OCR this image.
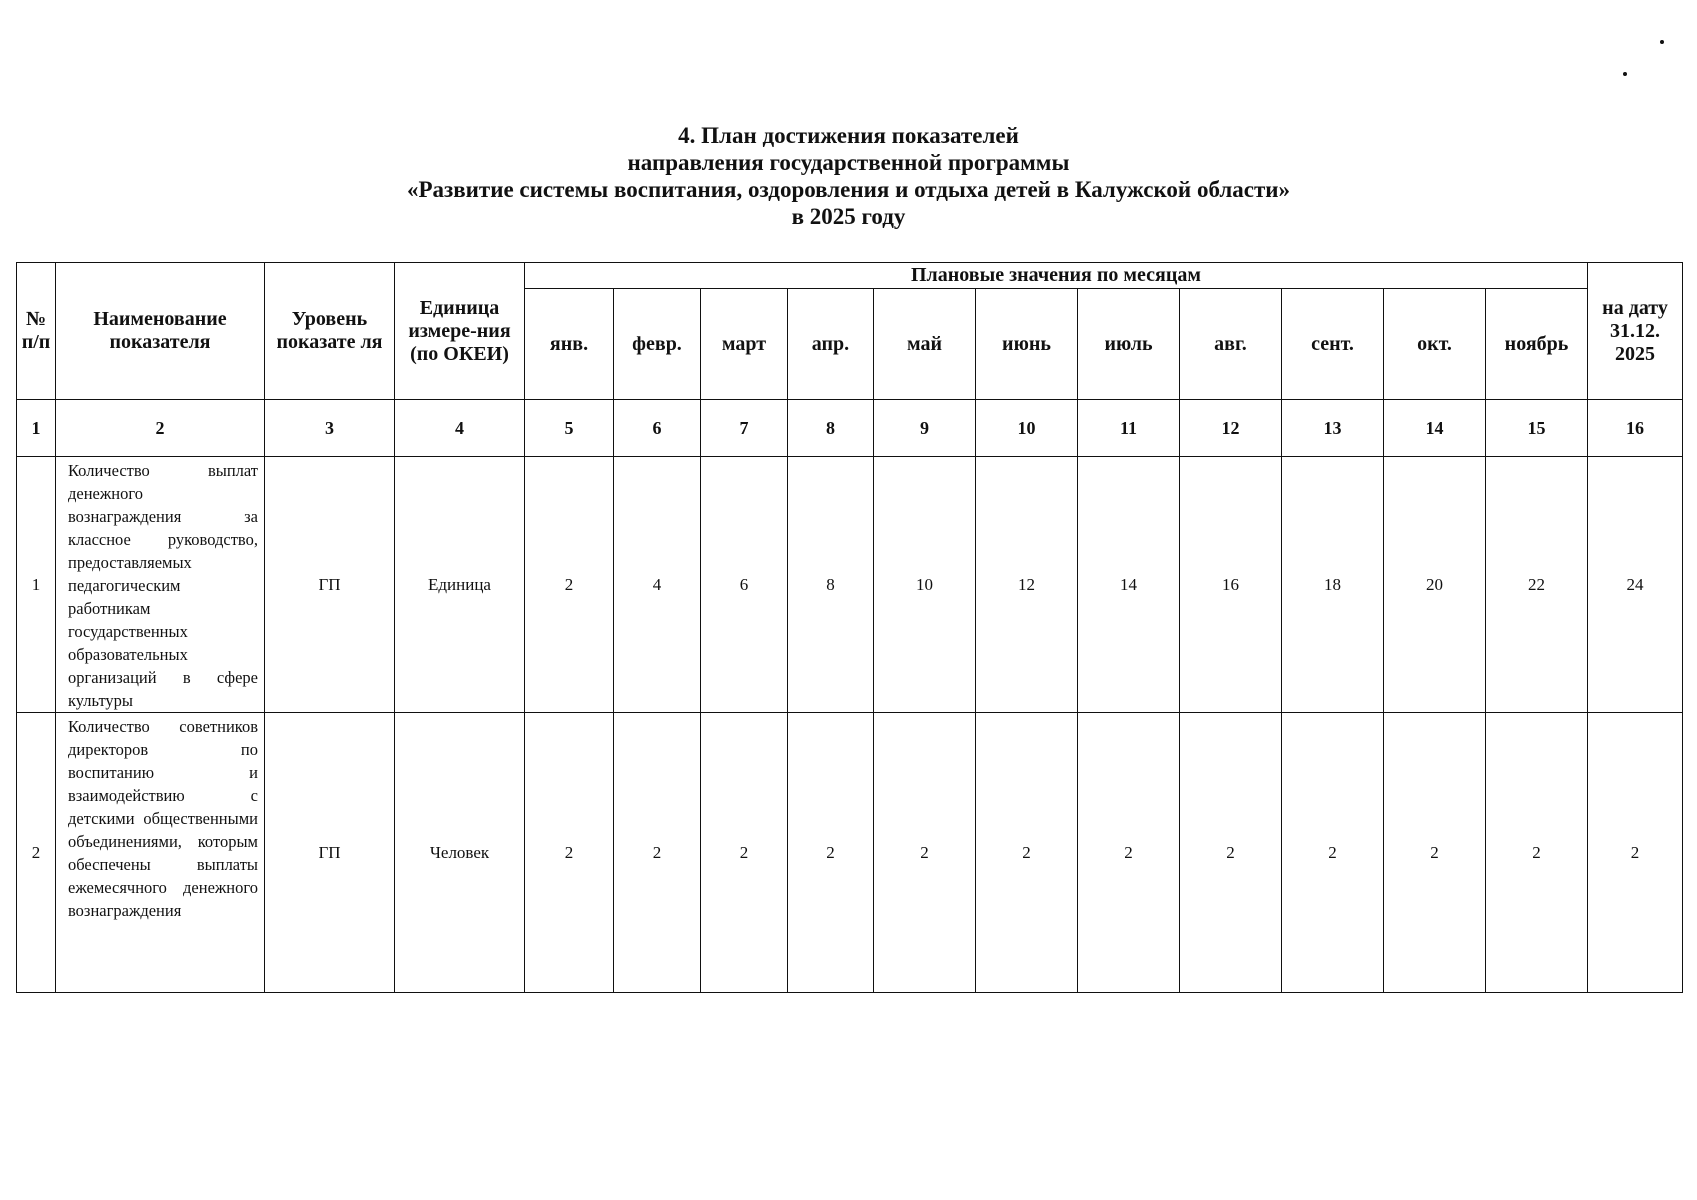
4. План достижения показателей
направления государственной программы
«Развитие системы воспитания, оздоровления и отдыха детей в Калужской области»
в 2025 году
№ п/п	Наименование показателя	Уровень показате ля	Единица измере-ния (по ОКЕИ)	Плановые значения по месяцам											на дату 31.12. 2025
				янв.	февр.	март	апр.	май	июнь	июль	авг.	сент.	окт.	ноябрь	
1	2	3	4	5	6	7	8	9	10	11	12	13	14	15	16
1	Количество выплат денежного вознаграждения за классное руководство, предоставляемых педагогическим работникам государственных образовательных организаций в сфере культуры	ГП	Единица	2	4	6	8	10	12	14	16	18	20	22	24
2	Количество советников директоров по воспитанию и взаимодействию с детскими общественными объединениями, которым обеспечены выплаты ежемесячного денежного вознаграждения	ГП	Человек	2	2	2	2	2	2	2	2	2	2	2	2
